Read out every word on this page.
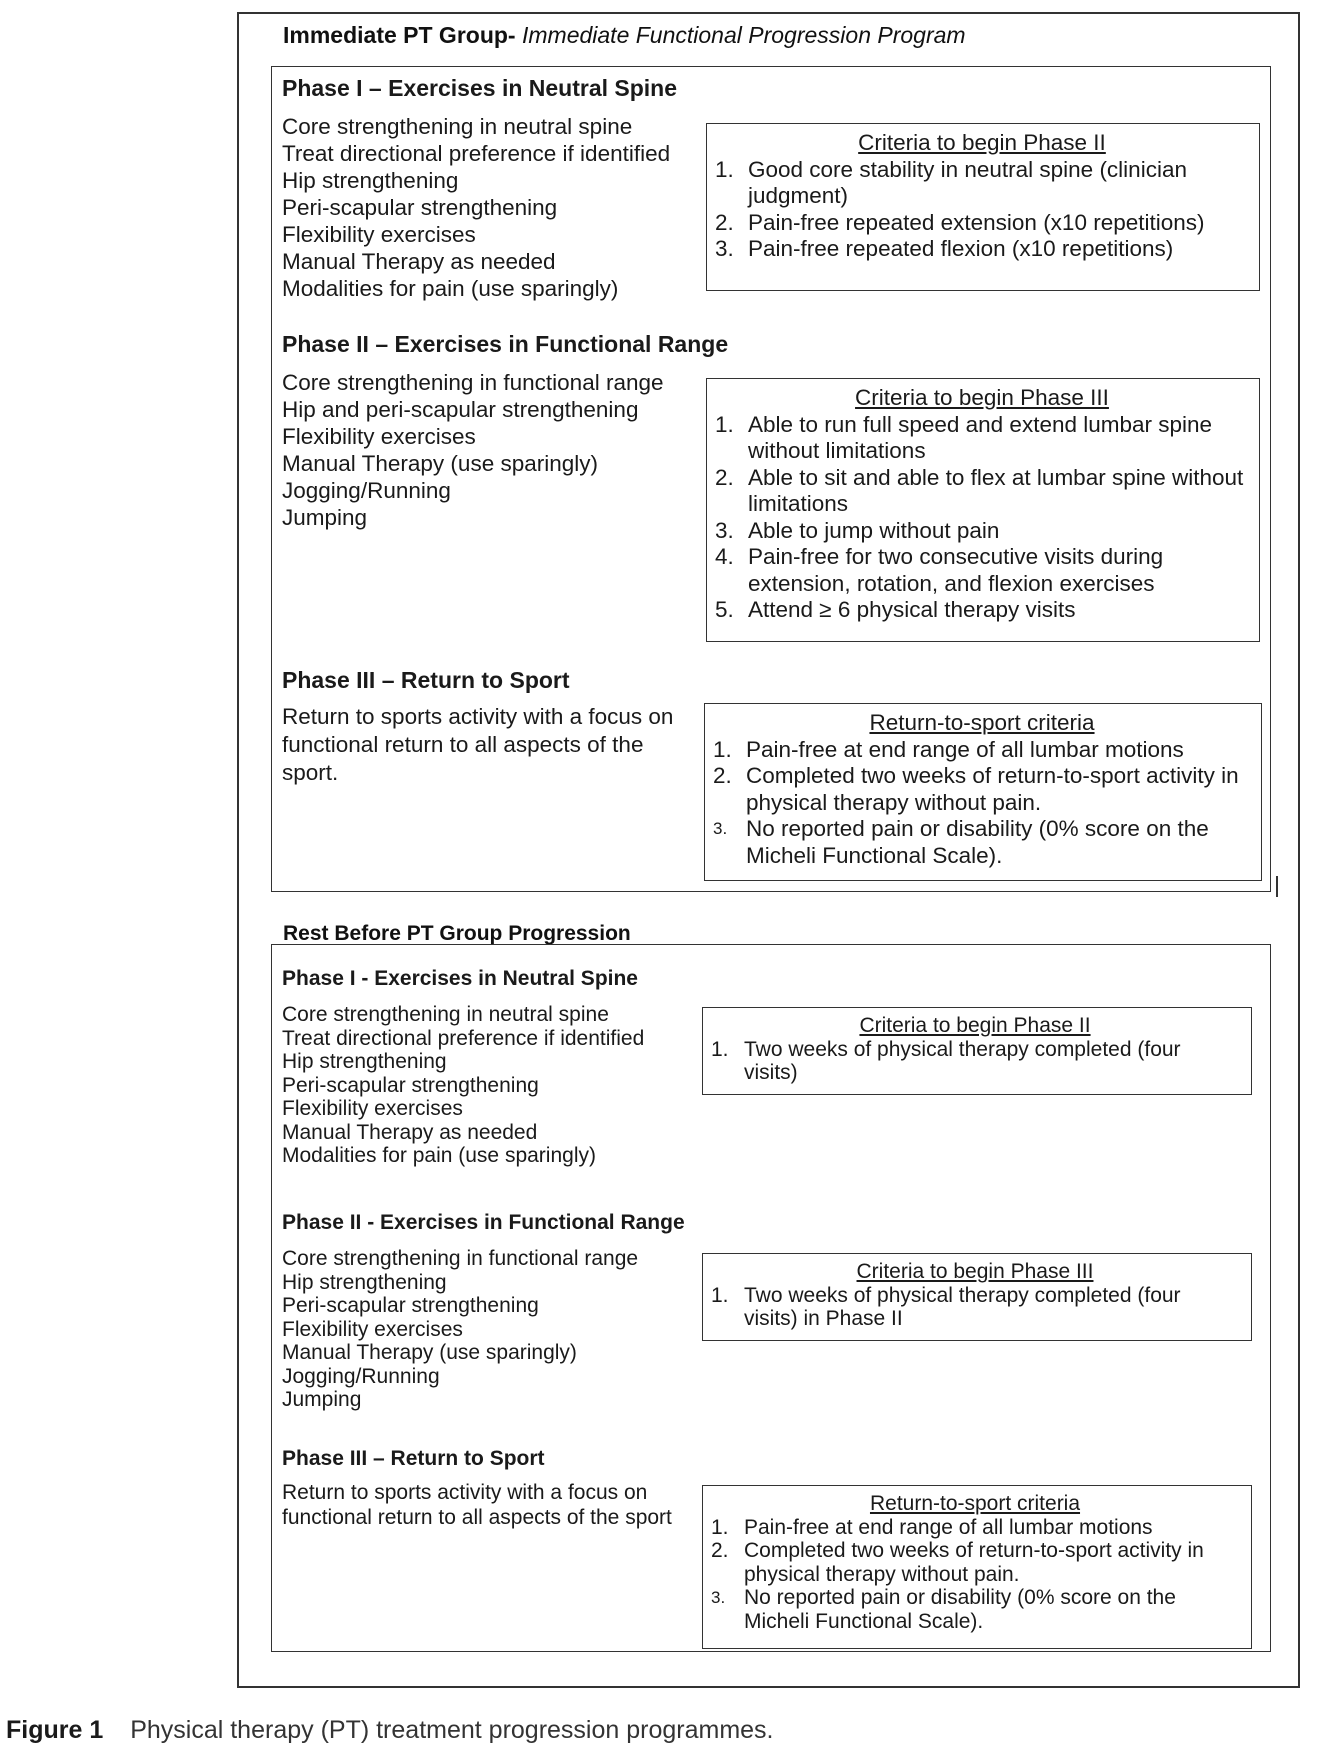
Immediate PT Group- Immediate Functional Progression Program
Phase I – Exercises in Neutral Spine
Core strengthening in neutral spine
Treat directional preference if identified
Hip strengthening
Peri-scapular strengthening
Flexibility exercises
Manual Therapy as needed
Modalities for pain (use sparingly)
Criteria to begin Phase II
1. Good core stability in neutral spine (clinician judgment)
2. Pain-free repeated extension (x10 repetitions)
3. Pain-free repeated flexion (x10 repetitions)
Phase II – Exercises in Functional Range
Core strengthening in functional range
Hip and peri-scapular strengthening
Flexibility exercises
Manual Therapy (use sparingly)
Jogging/Running
Jumping
Criteria to begin Phase III
1. Able to run full speed and extend lumbar spine without limitations
2. Able to sit and able to flex at lumbar spine without limitations
3. Able to jump without pain
4. Pain-free for two consecutive visits during extension, rotation, and flexion exercises
5. Attend ≥ 6 physical therapy visits
Phase III – Return to Sport
Return to sports activity with a focus on functional return to all aspects of the sport.
Return-to-sport criteria
1. Pain-free at end range of all lumbar motions
2. Completed two weeks of return-to-sport activity in physical therapy without pain.
3. No reported pain or disability (0% score on the Micheli Functional Scale).
Rest Before PT Group Progression
Phase I - Exercises in Neutral Spine
Core strengthening in neutral spine
Treat directional preference if identified
Hip strengthening
Peri-scapular strengthening
Flexibility exercises
Manual Therapy as needed
Modalities for pain (use sparingly)
Criteria to begin Phase II
1. Two weeks of physical therapy completed (four visits)
Phase II - Exercises in Functional Range
Core strengthening in functional range
Hip strengthening
Peri-scapular strengthening
Flexibility exercises
Manual Therapy (use sparingly)
Jogging/Running
Jumping
Criteria to begin Phase III
1. Two weeks of physical therapy completed (four visits) in Phase II
Phase III – Return to Sport
Return to sports activity with a focus on functional return to all aspects of the sport
Return-to-sport criteria
1. Pain-free at end range of all lumbar motions
2. Completed two weeks of return-to-sport activity in physical therapy without pain.
3. No reported pain or disability (0% score on the Micheli Functional Scale).
Figure 1 Physical therapy (PT) treatment progression programmes.
